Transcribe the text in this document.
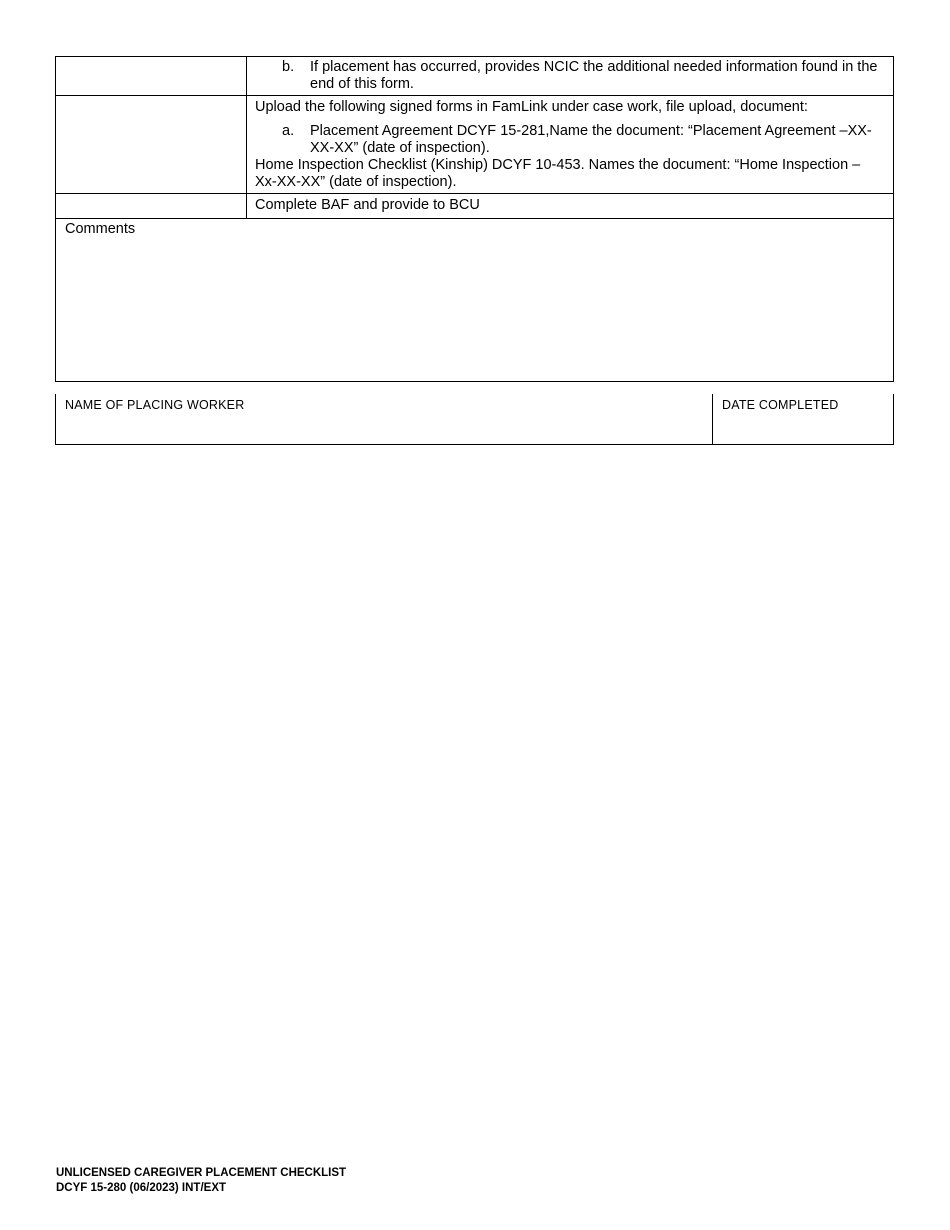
	b. If placement has occurred, provides NCIC the additional needed information found in the end of this form.

	Upload the following signed forms in FamLink under case work, file upload, document:

a. Placement Agreement DCYF 15-281,Name the document: “Placement Agreement –XX-XX-XX” (date of inspection).

Home Inspection Checklist (Kinship) DCYF 10-453. Names the document: “Home Inspection – Xx-XX-XX” (date of inspection).

	Complete BAF and provide to BCU
Comments	
NAME OF PLACING WORKER	DATE COMPLETED
UNLICENSED CAREGIVER PLACEMENT CHECKLIST
DCYF 15-280 (06/2023) INT/EXT
